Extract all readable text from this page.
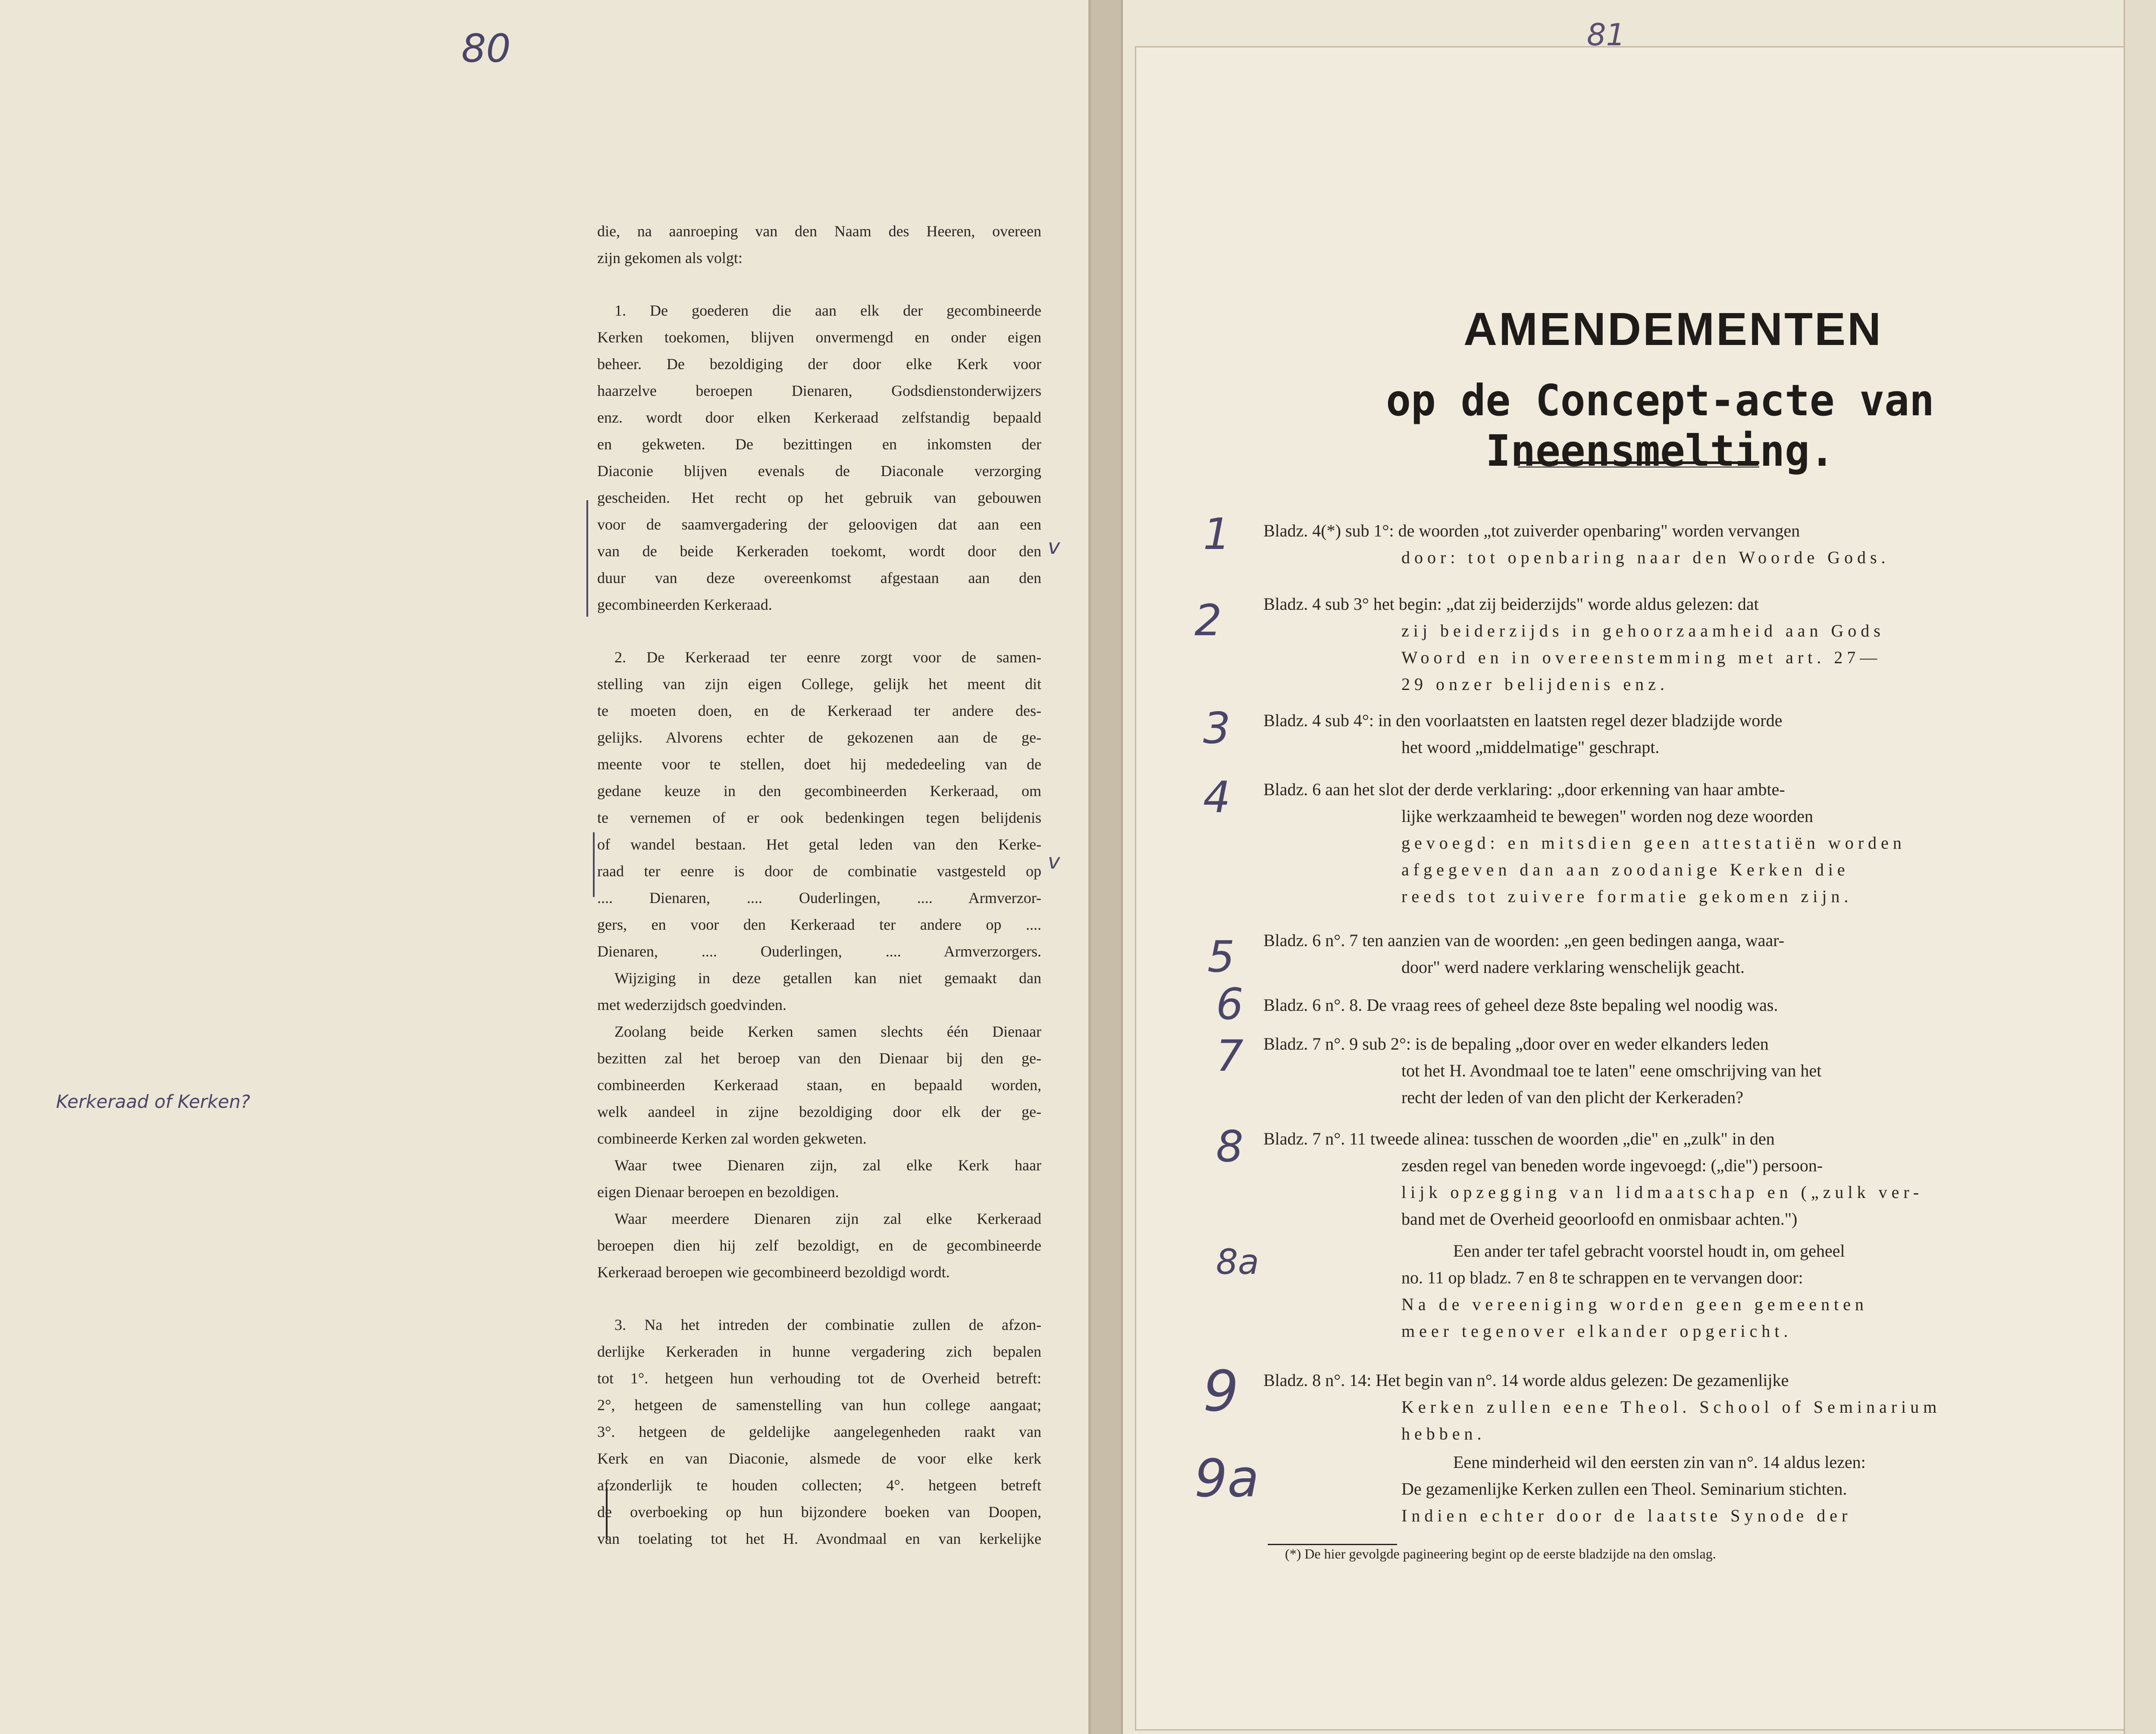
80	81

die, na aanroeping van den Naam des Heeren, overeen
zijn gekomen als volgt:

1. De goederen die aan elk der gecombineerde
Kerken toekomen, blijven onvermengd en onder eigen
beheer. De bezoldiging der door elke Kerk voor
haarzelve beroepen Dienaren, Godsdienstonderwijzers
enz. wordt door elken Kerkeraad zelfstandig bepaald
en gekweten. De bezittingen en inkomsten der
Diaconie blijven evenals de Diaconale verzorging
gescheiden. Het recht op het gebruik van gebouwen
voor de saamvergadering der geloovigen dat aan een
van de beide Kerkeraden toekomt, wordt door den
duur van deze overeenkomst afgestaan aan den
gecombineerden Kerkeraad.

2. De Kerkeraad ter eenre zorgt voor de samen-
stelling van zijn eigen College, gelijk het meent dit
te moeten doen, en de Kerkeraad ter andere des-
gelijks. Alvorens echter de gekozenen aan de ge-
meente voor te stellen, doet hij mededeeling van de
gedane keuze in den gecombineerden Kerkeraad, om
te vernemen of er ook bedenkingen tegen belijdenis
of wandel bestaan. Het getal leden van den Kerke-
raad ter eenre is door de combinatie vastgesteld op
.... Dienaren, .... Ouderlingen, .... Armverzor-
gers, en voor den Kerkeraad ter andere op ....
Dienaren, .... Ouderlingen, .... Armverzorgers.
Wijziging in deze getallen kan niet gemaakt dan
met wederzijdsch goedvinden.
Zoolang beide Kerken samen slechts één Dienaar
bezitten zal het beroep van den Dienaar bij den ge-
combineerden Kerkeraad staan, en bepaald worden,
welk aandeel in zijne bezoldiging door elk der ge-
combineerde Kerken zal worden gekweten.
Waar twee Dienaren zijn, zal elke Kerk haar
eigen Dienaar beroepen en bezoldigen.
Waar meerdere Dienaren zijn zal elke Kerkeraad
beroepen dien hij zelf bezoldigt, en de gecombineerde
Kerkeraad beroepen wie gecombineerd bezoldigd wordt.

3. Na het intreden der combinatie zullen de afzon-
derlijke Kerkeraden in hunne vergadering zich bepalen
tot 1°. hetgeen hun verhouding tot de Overheid betreft:
2°, hetgeen de samenstelling van hun college aangaat;
3°. hetgeen de geldelijke aangelegenheden raakt van
Kerk en van Diaconie, alsmede de voor elke kerk
afzonderlijk te houden collecten; 4°. hetgeen betreft
de overboeking op hun bijzondere boeken van Doopen,
van toelating tot het H. Avondmaal en van kerkelijke

Kerkeraad of Kerken?
v
v
AMENDEMENTEN
op de Concept-acte van Ineensmelting.
Bladz. 4(*) sub 1°: de woorden „tot zuiverder openbaring" worden vervangen
door: tot openbaring naar den Woorde Gods.
1
Bladz. 4 sub 3° het begin: „dat zij beiderzijds" worde aldus gelezen: dat
zij beiderzijds in gehoorzaamheid aan Gods
Woord en in overeenstemming met art. 27—
29 onzer belijdenis enz.
2
Bladz. 4 sub 4°: in den voorlaatsten en laatsten regel dezer bladzijde worde
het woord „middelmatige" geschrapt.
3
Bladz. 6 aan het slot der derde verklaring: „door erkenning van haar ambte-
lijke werkzaamheid te bewegen" worden nog deze woorden
gevoegd: en mitsdien geen attestatiën worden
afgegeven dan aan zoodanige Kerken die
reeds tot zuivere formatie gekomen zijn.
4
Bladz. 6 n°. 7 ten aanzien van de woorden: „en geen bedingen aanga, waar-
door" werd nadere verklaring wenschelijk geacht.
5
Bladz. 6 n°. 8. De vraag rees of geheel deze 8ste bepaling wel noodig was.
6
Bladz. 7 n°. 9 sub 2°: is de bepaling „door over en weder elkanders leden
tot het H. Avondmaal toe te laten" eene omschrijving van het
recht der leden of van den plicht der Kerkeraden?
7
Bladz. 7 n°. 11 tweede alinea: tusschen de woorden „die" en „zulk" in den
zesden regel van beneden worde ingevoegd: („die") persoon-
lijk opzegging van lidmaatschap en („zulk ver-
band met de Overheid geoorloofd en onmisbaar achten.")
8
Een ander ter tafel gebracht voorstel houdt in, om geheel
no. 11 op bladz. 7 en 8 te schrappen en te vervangen door:
Na de vereeniging worden geen gemeenten
meer tegenover elkander opgericht.
8a
Bladz. 8 n°. 14: Het begin van n°. 14 worde aldus gelezen: De gezamenlijke
Kerken zullen eene Theol. School of Seminarium
hebben.
9
Eene minderheid wil den eersten zin van n°. 14 aldus lezen:
De gezamenlijke Kerken zullen een Theol. Seminarium stichten.
Indien echter door de laatste Synode der
9a
(*) De hier gevolgde pagineering begint op de eerste bladzijde na den omslag.
